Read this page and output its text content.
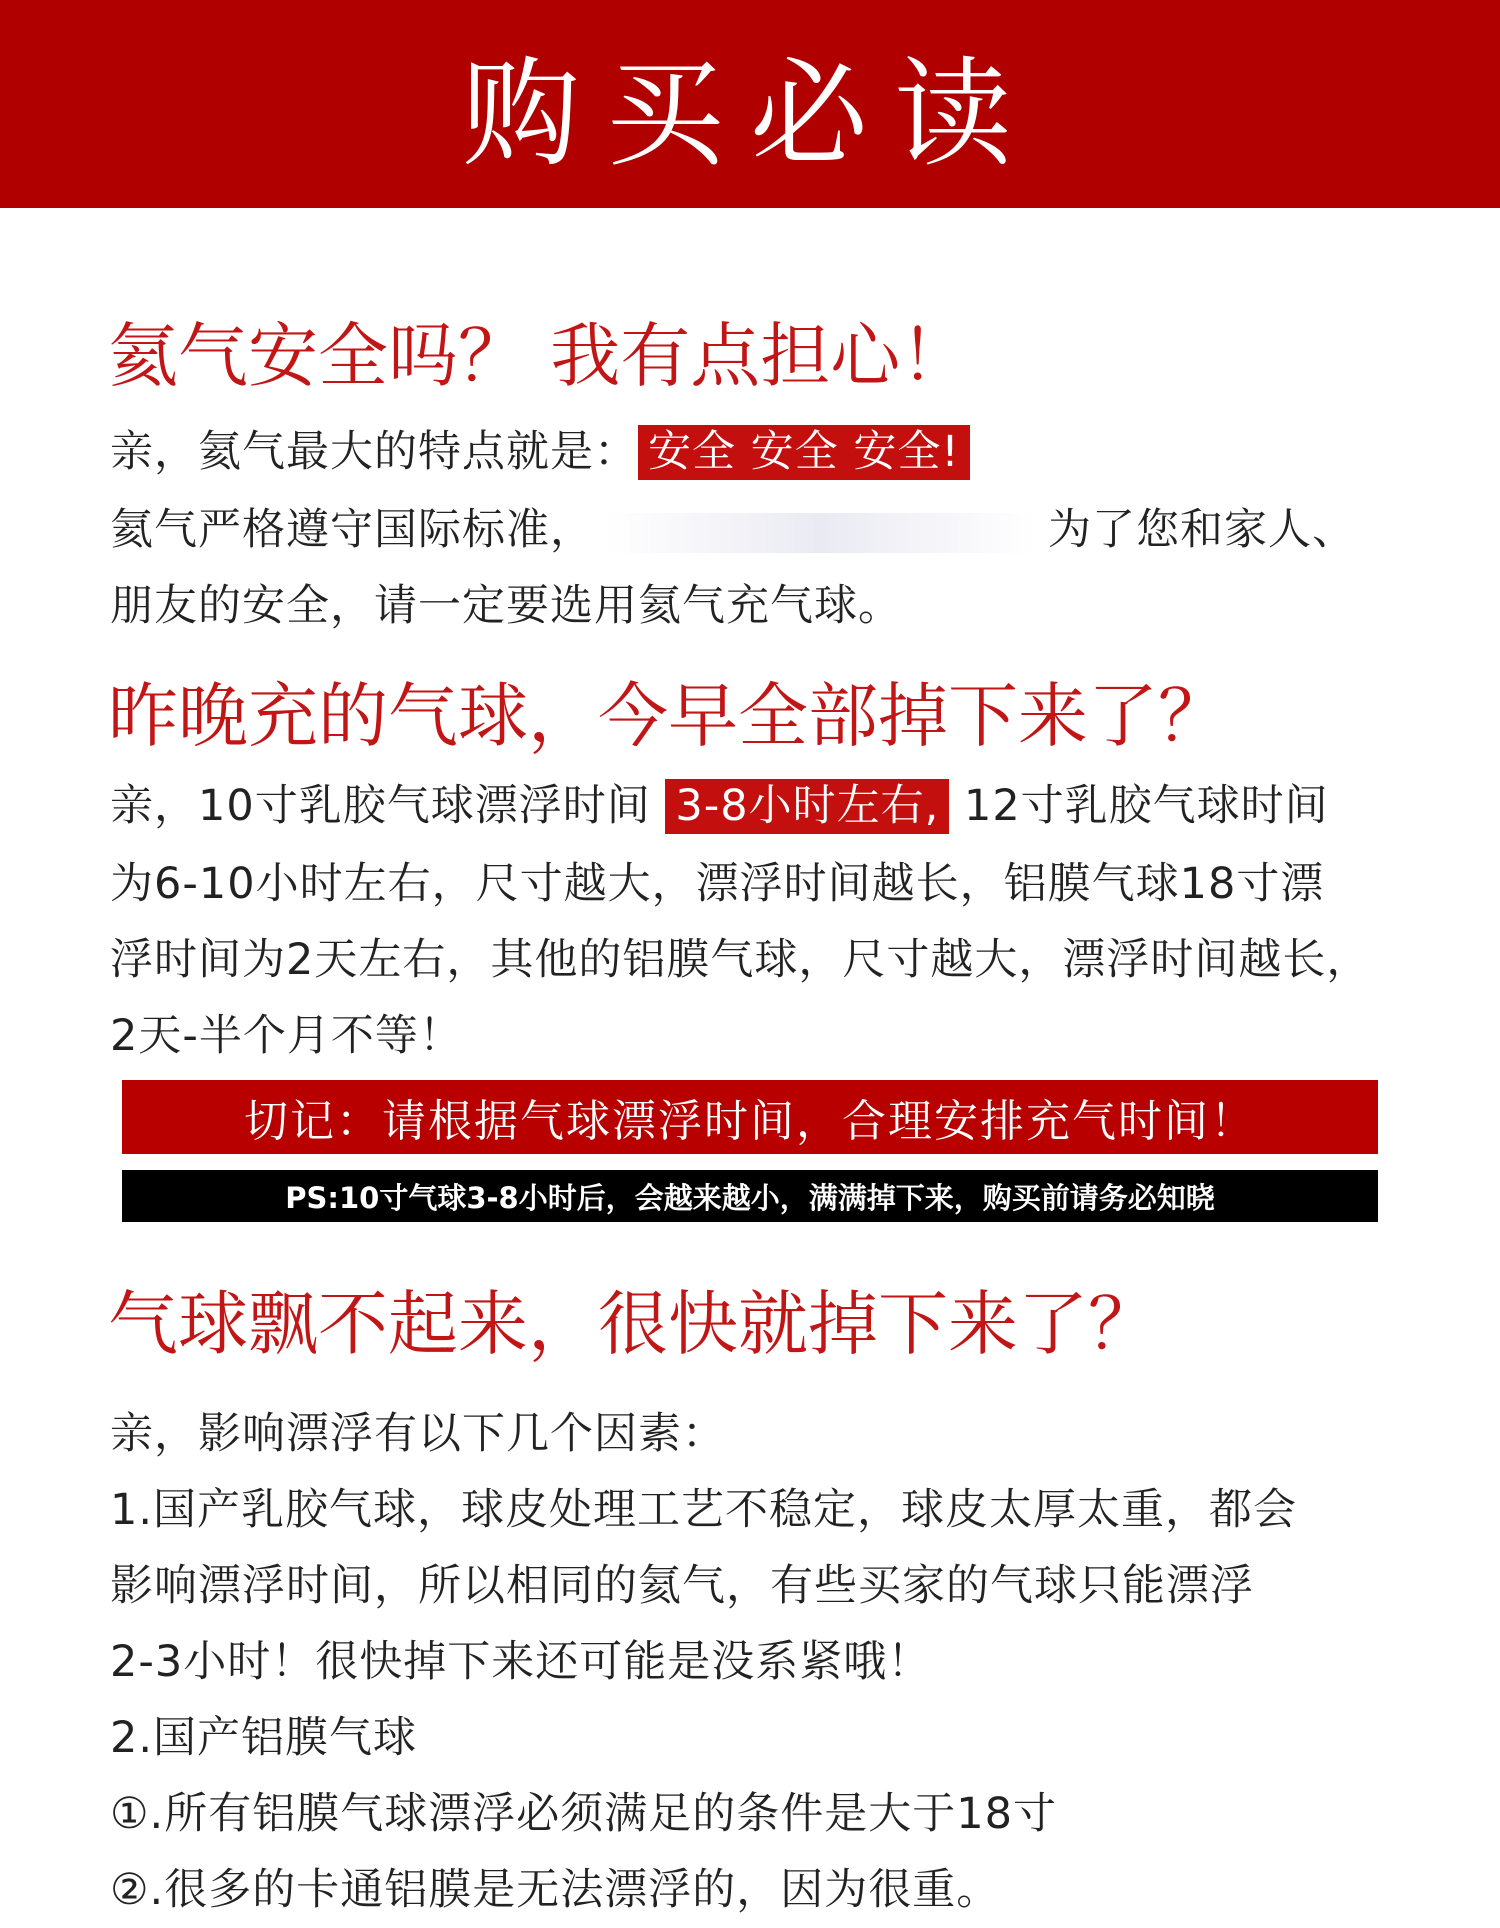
购买必读
氦气安全吗？ 我有点担心！
亲，氦气最大的特点就是： 安全 安全 安全!
氦气严格遵守国际标准，	为了您和家人、
朋友的安全，请一定要选用氦气充气球。
昨晚充的气球，今早全部掉下来了？
亲，10寸乳胶气球漂浮时间 3-8小时左右, 12寸乳胶气球时间
为6-10小时左右，尺寸越大，漂浮时间越长，铝膜气球18寸漂
浮时间为2天左右，其他的铝膜气球，尺寸越大，漂浮时间越长，
2天-半个月不等！
切记：请根据气球漂浮时间，合理安排充气时间！
PS:10寸气球3-8小时后，会越来越小，满满掉下来，购买前请务必知晓
气球飘不起来，很快就掉下来了？
亲，影响漂浮有以下几个因素：
1.国产乳胶气球，球皮处理工艺不稳定，球皮太厚太重，都会
影响漂浮时间，所以相同的氦气，有些买家的气球只能漂浮
2-3小时！很快掉下来还可能是没系紧哦！
2.国产铝膜气球
①.所有铝膜气球漂浮必须满足的条件是大于18寸
②.很多的卡通铝膜是无法漂浮的，因为很重。
